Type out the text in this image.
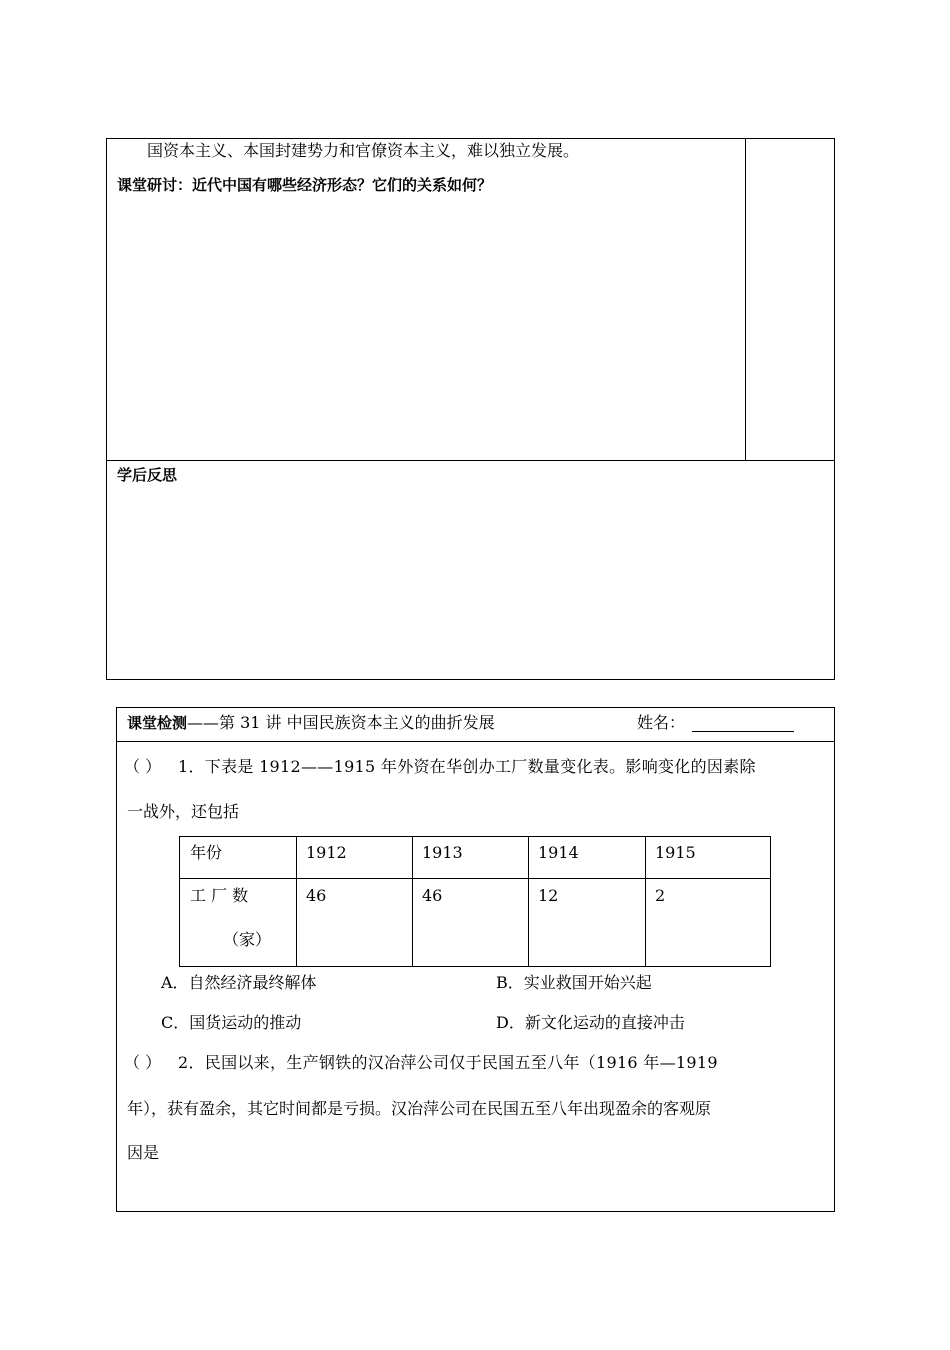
国资本主义、本国封建势力和官僚资本主义，难以独立发展。
课堂研讨：近代中国有哪些经济形态？它们的关系如何？
学后反思
课堂检测——第 31 讲 中国民族资本主义的曲折发展	姓名：
（ ） 1．下表是 1912——1915 年外资在华创办工厂数量变化表。影响变化的因素除
一战外，还包括
年份	1912	1913	1914	1915
工 厂 数
（家）
46	46	12	2
A．自然经济最终解体	B．实业救国开始兴起
C．国货运动的推动	D．新文化运动的直接冲击
（ ） 2．民国以来，生产钢铁的汉冶萍公司仅于民国五至八年（1916 年—1919
年），获有盈余，其它时间都是亏损。汉冶萍公司在民国五至八年出现盈余的客观原
因是
